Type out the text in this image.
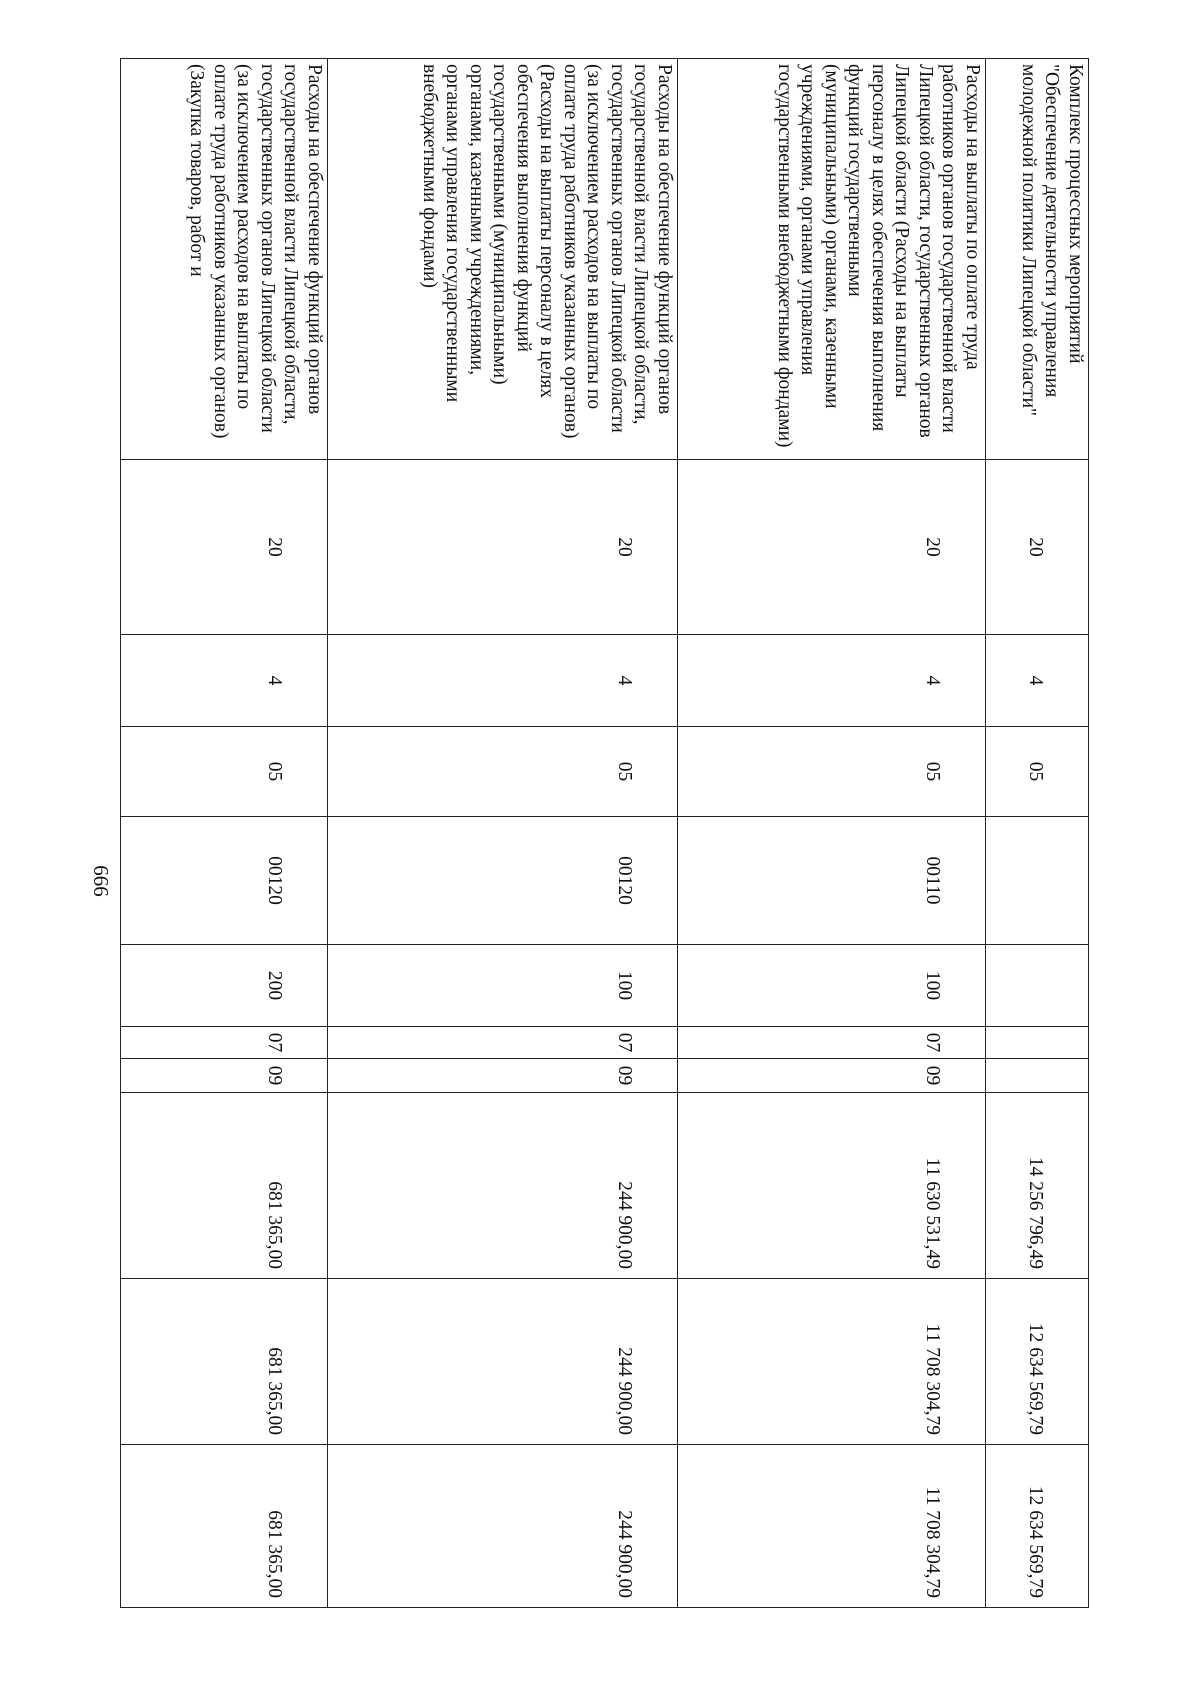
666
Комплекс процессных мероприятий "Обеспечение деятельности управления молодежной политики Липецкой области"	20	4	05					14 256 796,49	12 634 569,79	12 634 569,79
Расходы на выплаты по оплате труда работников органов государственной власти Липецкой области, государственных органов Липецкой области (Расходы на выплаты персоналу в целях обеспечения выполнения функций государственными (муниципальными) органами, казенными учреждениями, органами управления государственными внебюджетными фондами)	20	4	05	00110	100	07	09	11 630 531,49	11 708 304,79	11 708 304,79
Расходы на обеспечение функций органов государственной власти Липецкой области, государственных органов Липецкой области (за исключением расходов на выплаты по оплате труда работников указанных органов) (Расходы на выплаты персоналу в целях обеспечения выполнения функций государственными (муниципальными) органами, казенными учреждениями, органами управления государственными внебюджетными фондами)	20	4	05	00120	100	07	09	244 900,00	244 900,00	244 900,00
Расходы на обеспечение функций органов государственной власти Липецкой области, государственных органов Липецкой области (за исключением расходов на выплаты по оплате труда работников указанных органов) (Закупка товаров, работ и	20	4	05	00120	200	07	09	681 365,00	681 365,00	681 365,00
